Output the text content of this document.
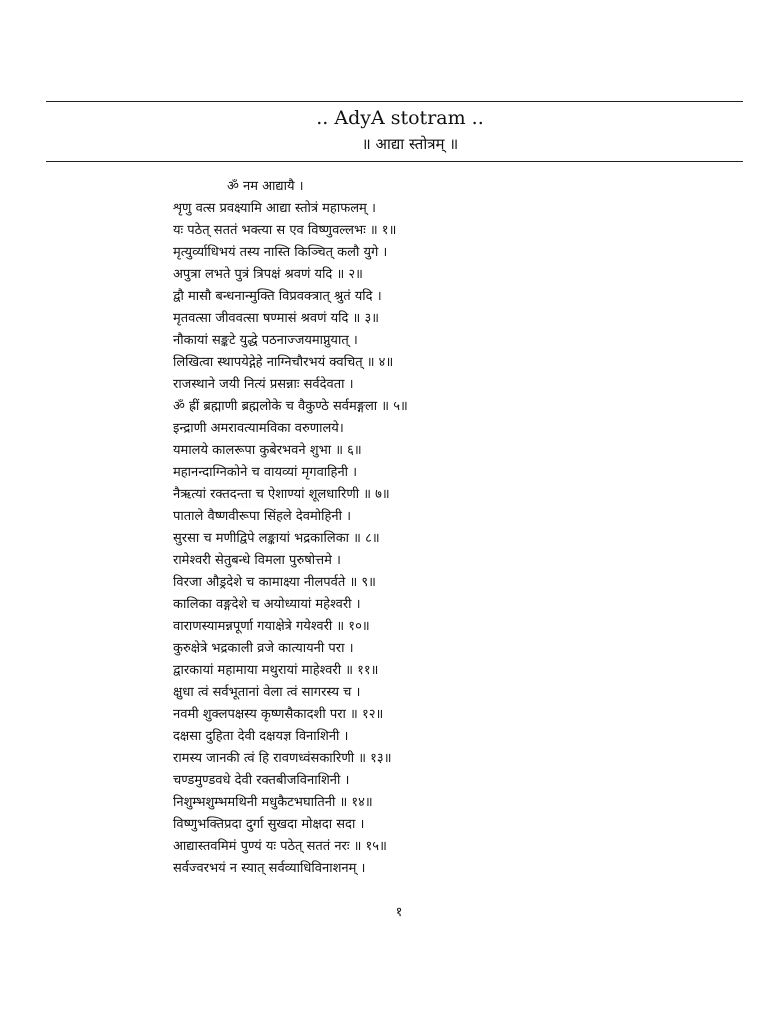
.. AdyA stotram ..
॥ आद्या स्तोत्रम् ॥
ॐ नम आद्यायै ।
शृणु वत्स प्रवक्ष्यामि आद्या स्तोत्रं महाफलम् ।
यः पठेत् सततं भक्त्या स एव विष्णुवल्लभः ॥ १॥
मृत्युर्व्याधिभयं तस्य नास्ति किञ्चित् कलौ युगे ।
अपुत्रा लभते पुत्रं त्रिपक्षं श्रवणं यदि ॥ २॥
द्वौ मासौ बन्धनान्मुक्ति विप्रवक्त्रात् श्रुतं यदि ।
मृतवत्सा जीववत्सा षण्मासं श्रवणं यदि ॥ ३॥
नौकायां सङ्कटे युद्धे पठनाज्जयमाप्नुयात् ।
लिखित्वा स्थापयेद्गेहे नाग्निचौरभयं क्वचित् ॥ ४॥
राजस्थाने जयी नित्यं प्रसन्नाः सर्वदेवता ।
ॐ ह्रीं ब्रह्माणी ब्रह्मलोके च वैकुण्ठे सर्वमङ्गला ॥ ५॥
इन्द्राणी अमरावत्यामविका वरुणालये।
यमालये कालरूपा कुबेरभवने शुभा ॥ ६॥
महानन्दाग्निकोने च वायव्यां मृगवाहिनी ।
नैऋत्यां रक्तदन्ता च ऐशाण्यां शूलधारिणी ॥ ७॥
पाताले वैष्णवीरूपा सिंहले देवमोहिनी ।
सुरसा च मणीद्विपे लङ्कायां भद्रकालिका ॥ ८॥
रामेश्वरी सेतुबन्धे विमला पुरुषोत्तमे ।
विरजा औड्रदेशे च कामाक्ष्या नीलपर्वते ॥ ९॥
कालिका वङ्गदेशे च अयोध्यायां महेश्वरी ।
वाराणस्यामन्नपूर्णा गयाक्षेत्रे गयेश्वरी ॥ १०॥
कुरुक्षेत्रे भद्रकाली व्रजे कात्यायनी परा ।
द्वारकायां महामाया मथुरायां माहेश्वरी ॥ ११॥
क्षुधा त्वं सर्वभूतानां वेला त्वं सागरस्य च ।
नवमी शुक्लपक्षस्य कृष्णसैकादशी परा ॥ १२॥
दक्षसा दुहिता देवी दक्षयज्ञ विनाशिनी ।
रामस्य जानकी त्वं हि रावणध्वंसकारिणी ॥ १३॥
चण्डमुण्डवधे देवी रक्तबीजविनाशिनी ।
निशुम्भशुम्भमथिनी मधुकैटभघातिनी ॥ १४॥
विष्णुभक्तिप्रदा दुर्गा सुखदा मोक्षदा सदा ।
आद्यास्तवमिमं पुण्यं यः पठेत् सततं नरः ॥ १५॥
सर्वज्वरभयं न स्यात् सर्वव्याधिविनाशनम् ।
१
